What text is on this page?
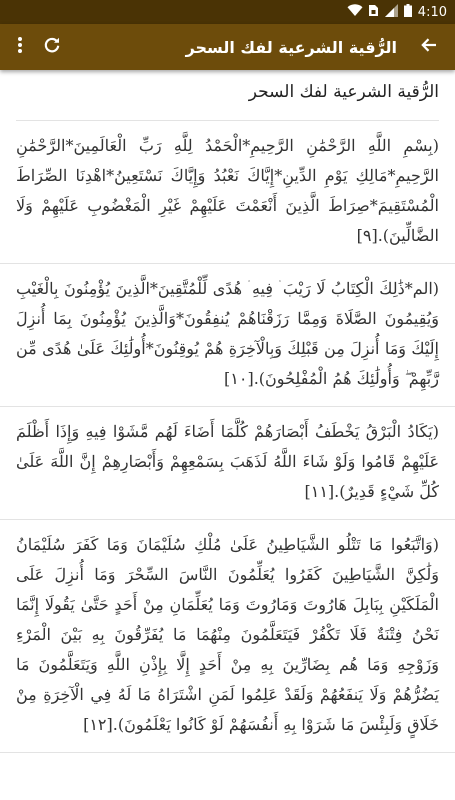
4:10
الرُّقية الشرعية لفك السحر
الرُّقية الشرعية لفك السحر

(بِسْمِ اللَّهِ الرَّحْمَٰنِ الرَّحِيمِ*الْحَمْدُ لِلَّهِ رَبِّ الْعَالَمِينَ*الرَّحْمَٰنِ الرَّحِيمِ*مَالِكِ يَوْمِ الدِّينِ*إِيَّاكَ نَعْبُدُ وَإِيَّاكَ نَسْتَعِينُ*اهْدِنَا الصِّرَاطَ الْمُسْتَقِيمَ*صِرَاطَ الَّذِينَ أَنْعَمْتَ عَلَيْهِمْ غَيْرِ الْمَغْضُوبِ عَلَيْهِمْ وَلَا الضَّالِّينَ).[٩]

(الم*ذَٰلِكَ الْكِتَابُ لَا رَيْبَ ۛ فِيهِ ۛ هُدًى لِّلْمُتَّقِينَ*الَّذِينَ يُؤْمِنُونَ بِالْغَيْبِ وَيُقِيمُونَ الصَّلَاةَ وَمِمَّا رَزَقْنَاهُمْ يُنفِقُونَ*وَالَّذِينَ يُؤْمِنُونَ بِمَا أُنزِلَ إِلَيْكَ وَمَا أُنزِلَ مِن قَبْلِكَ وَبِالْآخِرَةِ هُمْ يُوقِنُونَ*أُولَٰئِكَ عَلَىٰ هُدًى مِّن رَّبِّهِمْ ۖ وَأُولَٰئِكَ هُمُ الْمُفْلِحُونَ).[١٠]

(يَكَادُ الْبَرْقُ يَخْطَفُ أَبْصَارَهُمْ كُلَّمَا أَضَاءَ لَهُم مَّشَوْا فِيهِ وَإِذَا أَظْلَمَ عَلَيْهِمْ قَامُوا وَلَوْ شَاءَ اللَّهُ لَذَهَبَ بِسَمْعِهِمْ وَأَبْصَارِهِمْ إِنَّ اللَّهَ عَلَىٰ كُلِّ شَيْءٍ قَدِيرٌ).[١١]

(وَاتَّبَعُوا مَا تَتْلُو الشَّيَاطِينُ عَلَىٰ مُلْكِ سُلَيْمَانَ وَمَا كَفَرَ سُلَيْمَانُ وَلَٰكِنَّ الشَّيَاطِينَ كَفَرُوا يُعَلِّمُونَ النَّاسَ السِّحْرَ وَمَا أُنزِلَ عَلَى الْمَلَكَيْنِ بِبَابِلَ هَارُوتَ وَمَارُوتَ وَمَا يُعَلِّمَانِ مِنْ أَحَدٍ حَتَّىٰ يَقُولَا إِنَّمَا نَحْنُ فِتْنَةٌ فَلَا تَكْفُرْ فَيَتَعَلَّمُونَ مِنْهُمَا مَا يُفَرِّقُونَ بِهِ بَيْنَ الْمَرْءِ وَزَوْجِهِ وَمَا هُم بِضَارِّينَ بِهِ مِنْ أَحَدٍ إِلَّا بِإِذْنِ اللَّهِ وَيَتَعَلَّمُونَ مَا يَضُرُّهُمْ وَلَا يَنفَعُهُمْ وَلَقَدْ عَلِمُوا لَمَنِ اشْتَرَاهُ مَا لَهُ فِي الْآخِرَةِ مِنْ خَلَاقٍ وَلَبِئْسَ مَا شَرَوْا بِهِ أَنفُسَهُمْ لَوْ كَانُوا يَعْلَمُونَ).[١٢]
